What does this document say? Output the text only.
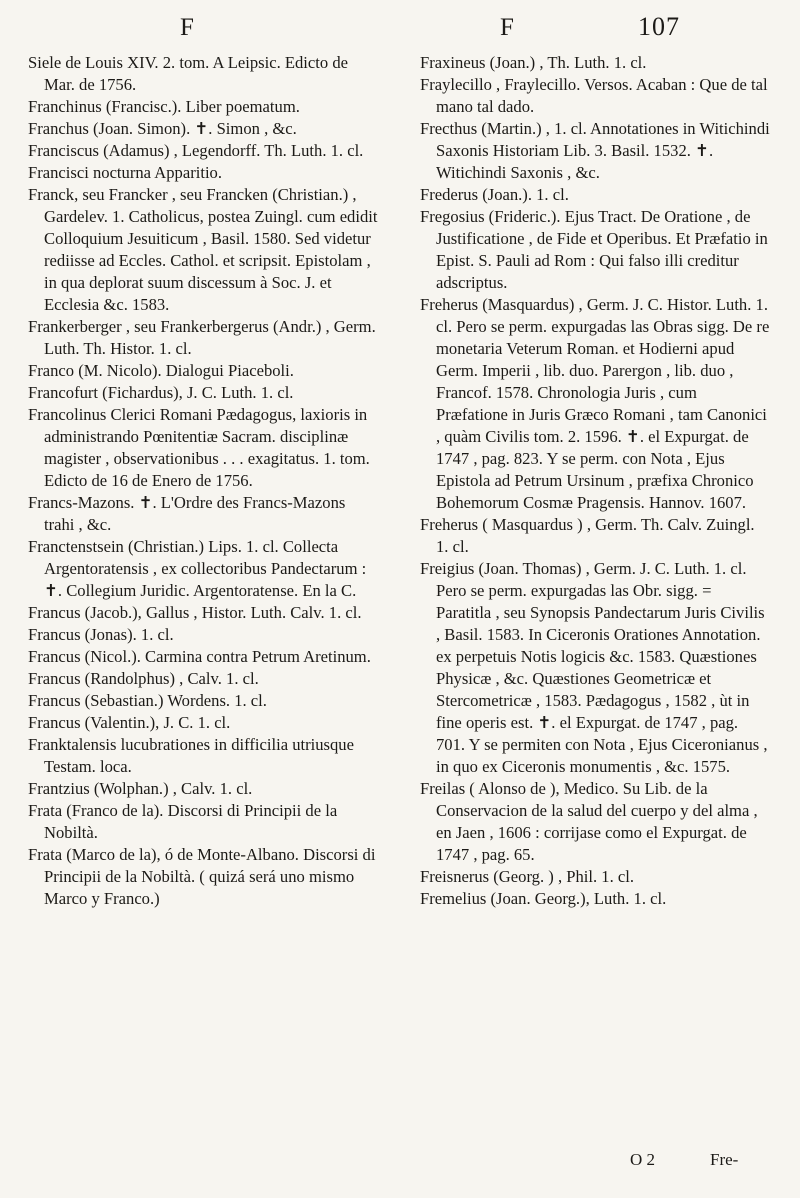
F	F	107

Siele de Louis XIV. 2. tom. A Leipsic. Edicto de Mar. de 1756.

Franchinus (Francisc.). Liber poematum.

Franchus (Joan. Simon). ✝. Simon , &c.

Franciscus (Adamus) , Legendorff. Th. Luth. 1. cl.

Francisci nocturna Apparitio.

Franck, seu Francker , seu Francken (Christian.) , Gardelev. 1. Catholicus, postea Zuingl. cum edidit Colloquium Jesuiticum , Basil. 1580. Sed videtur rediisse ad Eccles. Cathol. et scripsit. Epistolam , in qua deplorat suum discessum à Soc. J. et Ecclesia &c. 1583.

Frankerberger , seu Frankerbergerus (Andr.) , Germ. Luth. Th. Histor. 1. cl.

Franco (M. Nicolo). Dialogui Piaceboli.

Francofurt (Fichardus), J. C. Luth. 1. cl.

Francolinus Clerici Romani Pædagogus, laxioris in administrando Pœnitentiæ Sacram. disciplinæ magister , observationibus . . . exagitatus. 1. tom. Edicto de 16 de Enero de 1756.

Francs-Mazons. ✝. L'Ordre des Francs-Mazons trahi , &c.

Franctenstsein (Christian.) Lips. 1. cl. Collecta Argentoratensis , ex collectoribus Pandectarum : ✝. Collegium Juridic. Argentoratense. En la C.

Francus (Jacob.), Gallus , Histor. Luth. Calv. 1. cl.

Francus (Jonas). 1. cl.

Francus (Nicol.). Carmina contra Petrum Aretinum.

Francus (Randolphus) , Calv. 1. cl.

Francus (Sebastian.) Wordens. 1. cl.

Francus (Valentin.), J. C. 1. cl.

Franktalensis lucubrationes in difficilia utriusque Testam. loca.

Frantzius (Wolphan.) , Calv. 1. cl.

Frata (Franco de la). Discorsi di Principii de la Nobiltà.

Frata (Marco de la), ó de Monte-Albano. Discorsi di Principii de la Nobiltà. ( quizá será uno mismo Marco y Franco.)

Fraxineus (Joan.) , Th. Luth. 1. cl.

Fraylecillo , Fraylecillo. Versos. Acaban : Que de tal mano tal dado.

Frecthus (Martin.) , 1. cl. Annotationes in Witichindi Saxonis Historiam Lib. 3. Basil. 1532. ✝. Witichindi Saxonis , &c.

Frederus (Joan.). 1. cl.

Fregosius (Frideric.). Ejus Tract. De Oratione , de Justificatione , de Fide et Operibus. Et Præfatio in Epist. S. Pauli ad Rom : Qui falso illi creditur adscriptus.

Freherus (Masquardus) , Germ. J. C. Histor. Luth. 1. cl. Pero se perm. expurgadas las Obras sigg. De re monetaria Veterum Roman. et Hodierni apud Germ. Imperii , lib. duo. Parergon , lib. duo , Francof. 1578. Chronologia Juris , cum Præfatione in Juris Græco Romani , tam Canonici , quàm Civilis tom. 2. 1596. ✝. el Expurgat. de 1747 , pag. 823. Y se perm. con Nota , Ejus Epistola ad Petrum Ursinum , præfixa Chronico Bohemorum Cosmæ Pragensis. Hannov. 1607.

Freherus ( Masquardus ) , Germ. Th. Calv. Zuingl. 1. cl.

Freigius (Joan. Thomas) , Germ. J. C. Luth. 1. cl. Pero se perm. expurgadas las Obr. sigg. = Paratitla , seu Synopsis Pandectarum Juris Civilis , Basil. 1583. In Ciceronis Orationes Annotation. ex perpetuis Notis logicis &c. 1583. Quæstiones Physicæ , &c. Quæstiones Geometricæ et Stercometricæ , 1583. Pædagogus , 1582 , ùt in fine operis est. ✝. el Expurgat. de 1747 , pag. 701. Y se permiten con Nota , Ejus Ciceronianus , in quo ex Ciceronis monumentis , &c. 1575.

Freilas ( Alonso de ), Medico. Su Lib. de la Conservacion de la salud del cuerpo y del alma , en Jaen , 1606 : corrijase como el Expurgat. de 1747 , pag. 65.

Freisnerus (Georg. ) , Phil. 1. cl.

Fremelius (Joan. Georg.), Luth. 1. cl.

O 2	Fre-
